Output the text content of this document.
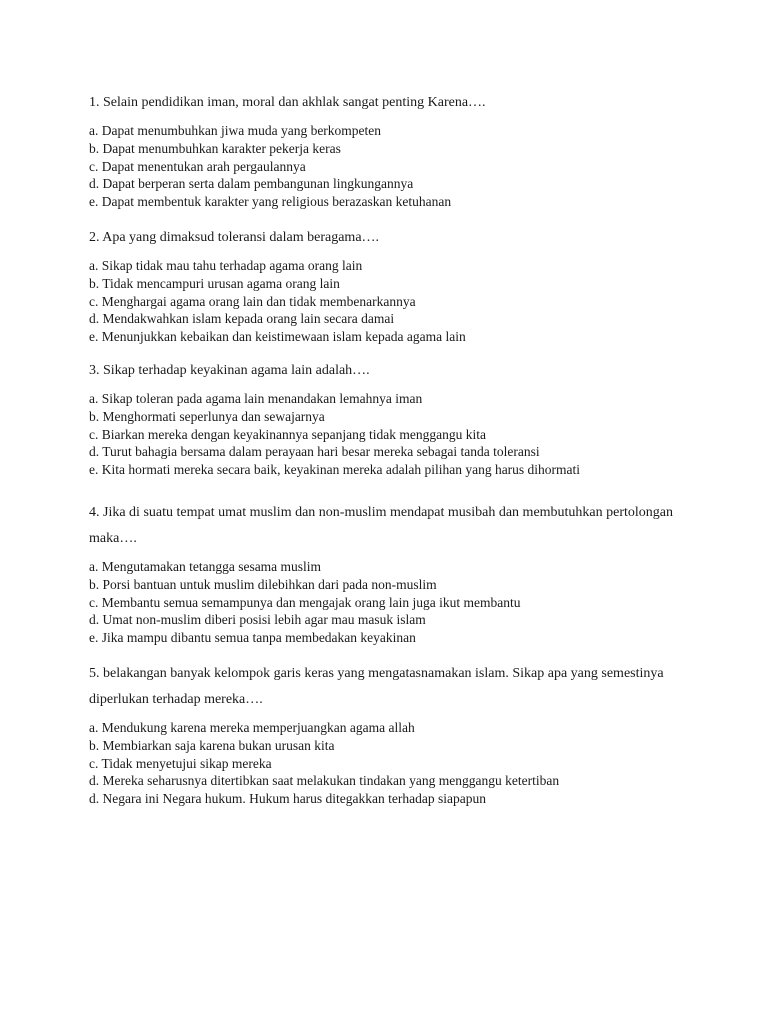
1. Selain pendidikan iman, moral dan akhlak sangat penting Karena….

a. Dapat menumbuhkan jiwa muda yang berkompeten
b. Dapat menumbuhkan karakter pekerja keras
c. Dapat menentukan arah pergaulannya
d. Dapat berperan serta dalam pembangunan lingkungannya
e. Dapat membentuk karakter yang religious berazaskan ketuhanan

2. Apa yang dimaksud toleransi dalam beragama….

a. Sikap tidak mau tahu terhadap agama orang lain
b. Tidak mencampuri urusan agama orang lain
c. Menghargai agama orang lain dan tidak membenarkannya
d. Mendakwahkan islam kepada orang lain secara damai
e. Menunjukkan kebaikan dan keistimewaan islam kepada agama lain

3. Sikap terhadap keyakinan agama lain adalah….

a. Sikap toleran pada agama lain menandakan lemahnya iman
b. Menghormati seperlunya dan sewajarnya
c. Biarkan mereka dengan keyakinannya sepanjang tidak menggangu kita
d. Turut bahagia bersama dalam perayaan hari besar mereka sebagai tanda toleransi
e. Kita hormati mereka secara baik, keyakinan mereka adalah pilihan yang harus dihormati

4. Jika di suatu tempat umat muslim dan non-muslim mendapat musibah dan membutuhkan pertolongan maka….

a. Mengutamakan tetangga sesama muslim
b. Porsi bantuan untuk muslim dilebihkan dari pada non-muslim
c. Membantu semua semampunya dan mengajak orang lain juga ikut membantu
d. Umat non-muslim diberi posisi lebih agar mau masuk islam
e. Jika mampu dibantu semua tanpa membedakan keyakinan

5. belakangan banyak kelompok garis keras yang mengatasnamakan islam. Sikap apa yang semestinya diperlukan terhadap mereka….

a. Mendukung karena mereka memperjuangkan agama allah
b. Membiarkan saja karena bukan urusan kita
c. Tidak menyetujui sikap mereka
d. Mereka seharusnya ditertibkan saat melakukan tindakan yang menggangu ketertiban
d. Negara ini Negara hukum. Hukum harus ditegakkan terhadap siapapun
